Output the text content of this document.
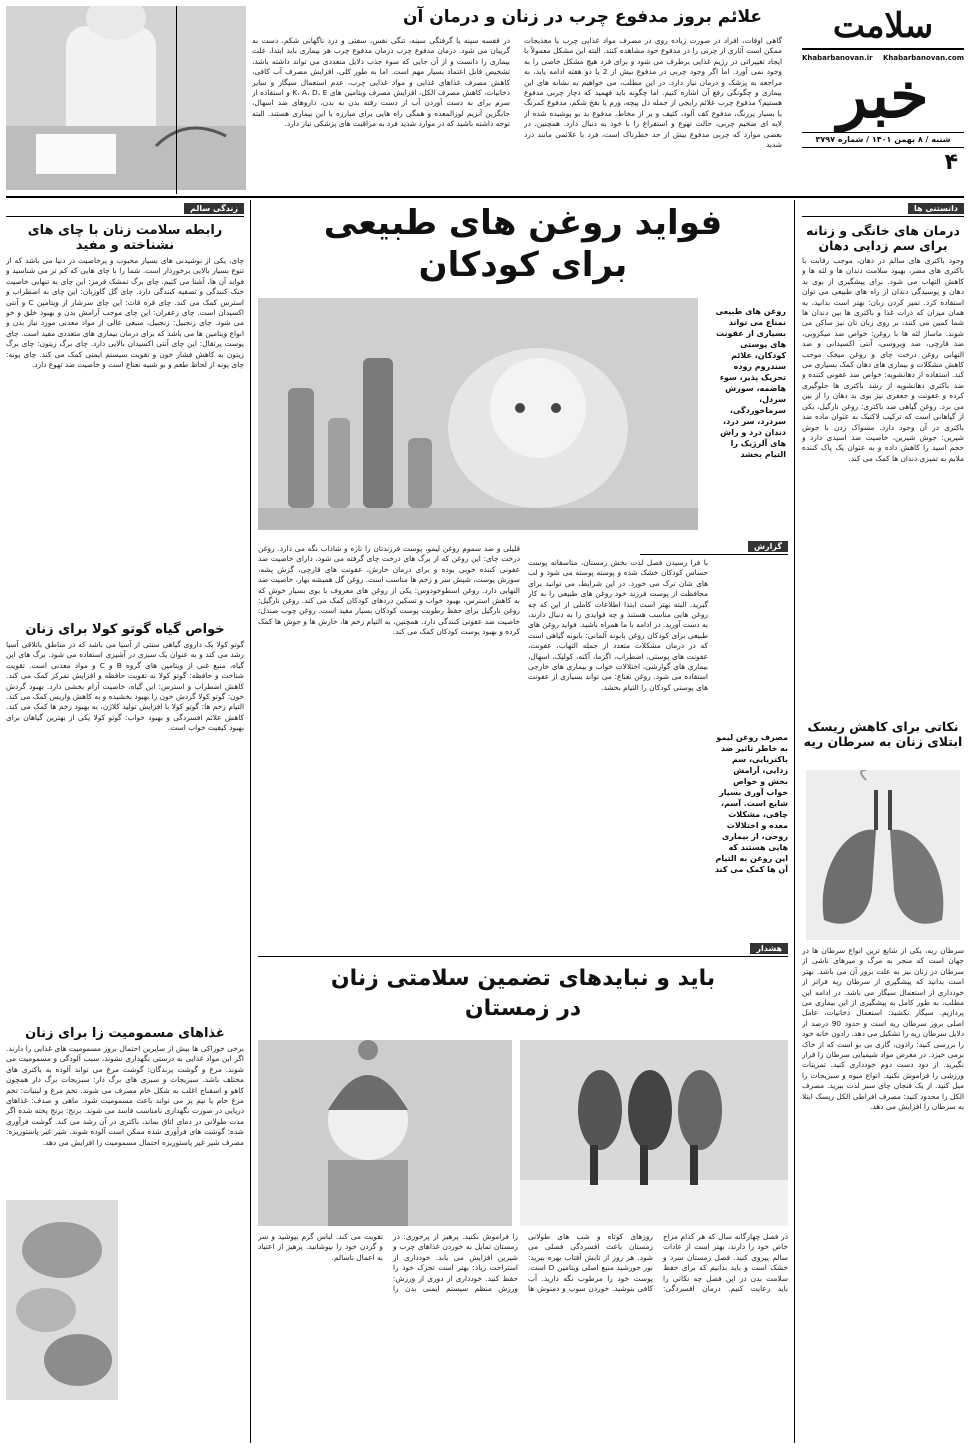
سلامت
Khabarbanovan.ir Khabarbanovan.com
خبر
شنبه / ۸ بهمن ۱۴۰۱ / شماره ۳۷۹۷
۴
علائم بروز مدفوع چرب در زنان و درمان آن
گاهی اوقات، افراد در صورت زیاده روی در مصرف مواد غذایی چرب یا مغذیجات ممکن است آثاری از چربی را در مدفوع خود مشاهده کنند. البته این مشکل معمولاً با ایجاد تغییراتی در رژیم غذایی برطرف می شود و برای فرد هیچ مشکل خاصی را به وجود نمی آورد. اما اگر وجود چربی در مدفوع بیش از 2 یا دو هفته ادامه یابد، به مراجعه به پزشک و درمان نیاز دارد. در این مطلب، می خواهیم به نشانه های این بیماری و چگونگی رفع آن اشاره کنیم. اما چگونه باید فهمید که دچار چربی مدفوع هستیم؟ مدفوع چرب علائم رایجی از جمله دل پیچه، ورم یا نفخ شکم، مدفوع کمرنگ یا بسیار پررنگ، مدفوع کف آلود، کثیف و پر از مخاط، مدفوع بد بو پوشیده شده از لایه ای ضخیم چربی، حالت تهوع و استفراغ را با خود به دنبال دارد. همچنین، در بعضی موارد که چربی مدفوع بیش از حد خطرناک است، فرد با علائمی مانند درد شدید
در قفسه سینه یا گرفتگی سینه، تنگی نفس، سفتی و درد ناگهانی شکم، دست به گریبان می شود. درمان مدفوع چرب درمان مدفوع چرب هر بیماری باید ابتدا، علت بیماری را دانست و از آن جایی که سوء جذب دلایل متعددی می تواند داشته باشد، تشخیص قابل اعتماد بسیار مهم است. اما به طور کلی، افزایش مصرف آب کافی، کاهش مصرف غذاهای غذایی و مواد غذایی چرب، عدم استعمال سیگار و سایر دخانیات، کاهش مصرف الکل، افزایش مصرف ویتامین های K، A، D، E و استفاده از سرم برای به دست آوردن آب از دست رفته بدن به بدن، داروهای ضد اسهال، جایگزین آنزیم لوزالمعده و همگی راه هایی برای مبارزه با این بیماری هستند. البته توجه داشته باشید که در موارد شدید فرد به مراقبت های پزشکی نیاز دارد.
دانستنی ها
درمان های خانگی و زنانه برای سم زدایی دهان
وجود باکتری های سالم در دهان، موجب رقابت با باکتری های مضر، بهبود سلامت دندان ها و لثه ها و کاهش التهاب می شود. برای پیشگیری از بوی بد دهان و پوسیدگی دندان از راه های طبیعی می توان استفاده کرد. تمیز کردن زبان: بهتر است بدانید، به همان میزان که ذرات غذا و باکتری ها بین دندان ها شما کمین می کنند، بر روی زبان تان نیز ساکن می شوند. ماساژ لثه ها با روغن: خواص ضد میکروبی، ضد قارچی، ضد ویروسی، آنتی اکسیدانی و ضد التهابی روغن درخت چای و روغن میخک موجب کاهش مشکلات و بیماری های دهان کمک بسیاری می کند. استفاده از دهانشویه: خواص ضد عفونی کننده و ضد باکتری دهانشویه از رشد باکتری ها جلوگیری کرده و عفونت و جعفری نیز بوی بد دهان را از بین می برد. روغن گیاهی ضد باکتری: روغن نارگیل، یکی از گیاهانی است که ترکیب لاکتیک به عنوان ماده ضد باکتری در آن وجود دارد. مسواک زدن با جوش شیرین: جوش شیرین، خاصیت ضد اسیدی دارد و حجم اسید را کاهش داده و به عنوان یک پاک کننده ملایم به تمیزی دندان ها کمک می کند.
نکاتی برای کاهش ریسک ابتلای زنان به سرطان ریه
سرطان ریه، یکی از شایع ترین انواع سرطان ها در جهان است که منجر به مرگ و میرهای ناشی از سرطان در زنان نیز به علت بروز آن می باشد. بهتر است بدانید که پیشگیری از سرطان ریه فراتر از خودداری از استعمال سیگار می باشد. در ادامه این مطلب، به طور کامل به پیشگیری از این بیماری می پردازیم. سیگار نکشید: استعمال دخانیات، عامل اصلی بروز سرطان ریه است و حدود 90 درصد از دلایل سرطان ریه را تشکیل می دهد. رادون خانه خود را بررسی کنید: رادون، گازی بی بو است که از خاک برمی خیزد. در معرض مواد شیمیایی سرطان زا قرار نگیرید. از دود دست دوم خودداری کنید. تمرینات ورزشی را فراموش نکنید. انواع میوه و سبزیجات را میل کنید. از یک فنجان چای سبز لذت ببرید. مصرف الکل را محدود کنید: مصرف افراطی الکل ریسک ابتلا به سرطان را افزایش می دهد.
فواید روغن های طبیعی
برای کودکان
روغن های طبیعی نمناع می تواند بسیاری از عفونت های پوستی کودکان، علائم سندروم روده تحریک پذیر، سوء هاضمه، سوزش سردل، سرماخوردگی، سردرد، سر درد، دندان درد و راش های آلرژیک را التیام بخشد
گزارش
با فرا رسیدن فصل لذت بخش زمستان، متاسفانه پوست حساس کودکان خشک شده و پوسته پوسته می شود و لب های شان ترک می خورد. در این شرایط، می توانید برای محافظت از پوست فرزند خود روغن های طبیعی را به کار گیرید. البته بهتر است ابتدا اطلاعات کاملی از این که چه روغن هایی مناسب هستند و چه فوایدی را به دنبال دارند، به دست آورید. در ادامه با ما همراه باشید. فواید روغن های طبیعی برای کودکان روغن بابونه آلمانی: بابونه گیاهی است که در درمان مشکلات متعدد از جمله التهاب، عفونت، عفونت های پوستی، اضطراب، اگزما، آکنه، کولیک، اسهال، بیماری های گوارشی، اختلالات خواب و بیماری های خارجی استفاده می شود. روغن نعناع: می تواند بسیاری از عفونت های پوستی کودکان را التیام بخشد.
قلیلی و ضد سموم روغن لیمو، پوست فرزندتان را تازه و شاداب نگه می دارد. روغن درخت چای: این روغن که از برگ های درخت چای گرفته می شود، دارای خاصیت ضد عفونی کننده خوبی بوده و برای درمان خارش، عفونت های قارچی، گزش پشه، سوزش پوست، شپش سر و زخم ها مناسب است. روغن گل همیشه بهار، خاصیت ضد التهابی دارد. روغن اسطوخودوس: یکی از روغن های معروف با بوی بسیار خوش که به کاهش استرس، بهبود خواب و تسکین دردهای کودکان کمک می کند. روغن نارگیل: روغن نارگیل برای حفظ رطوبت پوست کودکان بسیار مفید است. روغن چوب صندل: خاصیت ضد عفونی کنندگی دارد. همچنین، به التیام زخم ها، خارش ها و جوش ها کمک کرده و بهبود پوست کودکان کمک می کند.
مصرف روغن لیمو به خاطر تاثیر ضد باکتریایی، سم زدایی، آرامش بخش و خواص خواب آوری بسیار شایع است. آسم، چاقی، مشکلات معده و اختلالات روحی، از بیماری هایی هستند که این روغن به التیام آن ها کمک می کند
هشدار
باید و نبایدهای تضمین سلامتی زنان
در زمستان
در فصل چهارگانه سال که هر کدام مزاج خاص خود را دارند، بهتر است از عادات سالم پیروی کنید. فصل زمستان سرد و خشک است و باید بدانیم که برای حفظ سلامت بدن در این فصل چه نکاتی را باید رعایت کنیم. درمان افسردگی: روزهای کوتاه و شب های طولانی زمستان باعث افسردگی فصلی می شود. هر روز از تابش آفتاب بهره ببرید: نور خورشید منبع اصلی ویتامین D است. پوست خود را مرطوب نگه دارید. آب کافی بنوشید. خوردن سوپ و دمنوش ها را فراموش نکنید. پرهیز از پرخوری: در زمستان تمایل به خوردن غذاهای چرب و شیرین افزایش می یابد. خودداری از استراحت زیاد: بهتر است تحرک خود را حفظ کنید. خودداری از دوری از ورزش: ورزش منظم سیستم ایمنی بدن را تقویت می کند. لباس گرم بپوشید و سر و گردن خود را بپوشانید. پرهیز از اعتیاد به اعمال ناسالم.
زندگی سالم
رابطه سلامت زنان با چای های نشناخته و مفید
چای، یکی از نوشیدنی های بسیار محبوب و پرخاصیت در دنیا می باشد که از تنوع بسیار بالایی برخوردار است. شما را با چای هایی که کم تر می شناسید و فواید آن ها، آشنا می کنیم. چای برگ تمشک قرمز: این چای به تنهایی خاصیت خنک کنندگی و تصفیه کنندگی دارد. چای گل گاوزبان: این چای به اضطراب و استرس کمک می کند. چای قره قات: این چای سرشار از ویتامین C و آنتی اکسیدان است. چای زعفران: این چای موجب آرامش بدن و بهبود خلق و خو می شود. چای زنجبیل: زنجبیل، منبعی عالی از مواد معدنی مورد نیاز بدن و انواع ویتامین ها می باشد که برای درمان بیماری های متعددی مفید است. چای پوست پرتقال: این چای آنتی اکسیدان بالایی دارد. چای برگ زیتون: چای برگ زیتون به کاهش فشار خون و تقویت سیستم ایمنی کمک می کند. چای پونه: چای پونه از لحاظ طعم و بو شبیه نعناع است و خاصیت ضد تهوع دارد.
خواص گیاه گوتو کولا برای زنان
گوتو کولا یک داروی گیاهی سنتی از آسیا می باشد که در مناطق باتلاقی آسیا رشد می کند و به عنوان یک سبزی در آشپزی استفاده می شود. برگ های این گیاه، منبع غنی از ویتامین های گروه B و C و مواد معدنی است. تقویت شناخت و حافظه: گوتو کولا به تقویت حافظه و افزایش تمرکز کمک می کند. کاهش اضطراب و استرس: این گیاه، خاصیت آرام بخشی دارد. بهبود گردش خون: گوتو کولا گردش خون را بهبود بخشیده و به کاهش واریس کمک می کند. التیام زخم ها: گوتو کولا با افزایش تولید کلاژن، به بهبود زخم ها کمک می کند. کاهش علائم افسردگی و بهبود خواب: گوتو کولا یکی از بهترین گیاهان برای بهبود کیفیت خواب است.
غذاهای مسمومیت زا برای زنان
برخی خوراکی ها بیش از سایرین احتمال بروز مسمومیت های غذایی را دارند. اگر این مواد غذایی به درستی نگهداری نشوند، سبب آلودگی و مسمومیت می شوند. مرغ و گوشت پرندگان: گوشت مرغ می تواند آلوده به باکتری های مختلف باشد. سبزیجات و سبزی های برگ دار: سبزیجات برگ دار همچون کاهو و اسفناج اغلب به شکل خام مصرف می شوند. تخم مرغ و لبنیات: تخم مرغ خام یا نیم پز می تواند باعث مسمومیت شود. ماهی و صدف: غذاهای دریایی در صورت نگهداری نامناسب فاسد می شوند. برنج: برنج پخته شده اگر مدت طولانی در دمای اتاق بماند، باکتری در آن رشد می کند. گوشت فرآوری شده: گوشت های فرآوری شده ممکن است آلوده شوند. شیر غیر پاستوریزه: مصرف شیر غیر پاستوریزه احتمال مسمومیت را افزایش می دهد.
